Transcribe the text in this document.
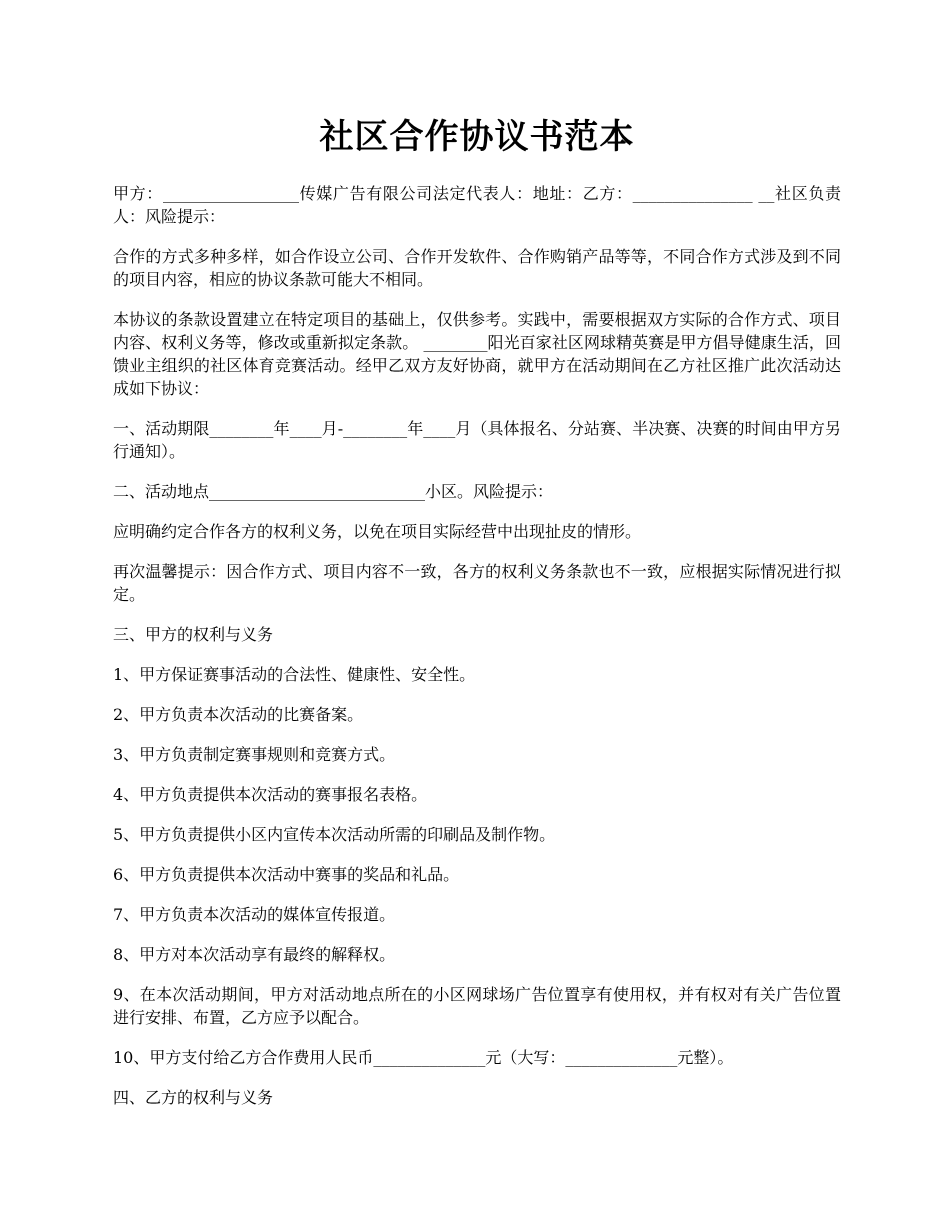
社区合作协议书范本
甲方：_________________传媒广告有限公司法定代表人：地址：乙方：_______________ __社区负责人：风险提示：
合作的方式多种多样，如合作设立公司、合作开发软件、合作购销产品等等，不同合作方式涉及到不同的项目内容，相应的协议条款可能大不相同。
本协议的条款设置建立在特定项目的基础上，仅供参考。实践中，需要根据双方实际的合作方式、项目内容、权利义务等，修改或重新拟定条款。 ________阳光百家社区网球精英赛是甲方倡导健康生活，回馈业主组织的社区体育竞赛活动。经甲乙双方友好协商，就甲方在活动期间在乙方社区推广此次活动达成如下协议：
一、活动期限________年____月-________年____月（具体报名、分站赛、半决赛、决赛的时间由甲方另行通知）。
二、活动地点___________________________小区。风险提示：
应明确约定合作各方的权利义务，以免在项目实际经营中出现扯皮的情形。
再次温馨提示：因合作方式、项目内容不一致，各方的权利义务条款也不一致，应根据实际情况进行拟定。
三、甲方的权利与义务
1、甲方保证赛事活动的合法性、健康性、安全性。
2、甲方负责本次活动的比赛备案。
3、甲方负责制定赛事规则和竞赛方式。
4、甲方负责提供本次活动的赛事报名表格。
5、甲方负责提供小区内宣传本次活动所需的印刷品及制作物。
6、甲方负责提供本次活动中赛事的奖品和礼品。
7、甲方负责本次活动的媒体宣传报道。
8、甲方对本次活动享有最终的解释权。
9、在本次活动期间，甲方对活动地点所在的小区网球场广告位置享有使用权，并有权对有关广告位置进行安排、布置，乙方应予以配合。
10、甲方支付给乙方合作费用人民币______________元（大写：______________元整）。
四、乙方的权利与义务
